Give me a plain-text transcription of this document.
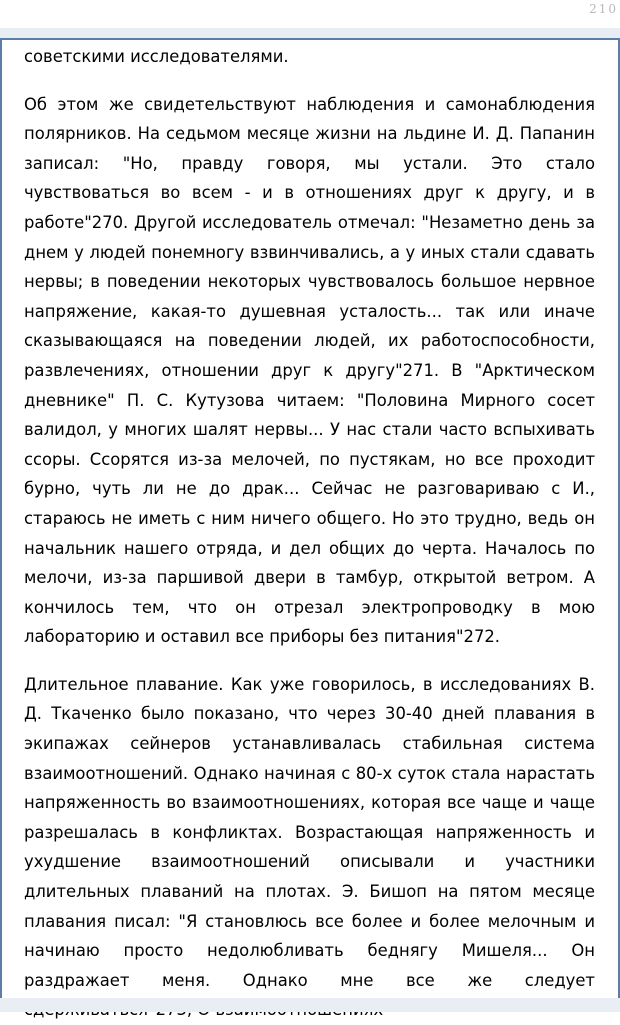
210

советскими исследователями.

Об этом же свидетельствуют наблюдения и самонаблюдения полярников. На седьмом месяце жизни на льдине И. Д. Папанин записал: "Но, правду говоря, мы устали. Это стало чувствоваться во всем - и в отношениях друг к другу, и в работе"270. Другой исследователь отмечал: "Незаметно день за днем у людей понемногу взвинчивались, а у иных стали сдавать нервы; в поведении некоторых чувствовалось большое нервное напряжение, какая-то душевная усталость... так или иначе сказывающаяся на поведении людей, их работоспособности, развлечениях, отношении друг к другу"271. В "Арктическом дневнике" П. С. Кутузова читаем: "Половина Мирного сосет валидол, у многих шалят нервы... У нас стали часто вспыхивать ссоры. Ссорятся из-за мелочей, по пустякам, но все проходит бурно, чуть ли не до драк... Сейчас не разговариваю с И., стараюсь не иметь с ним ничего общего. Но это трудно, ведь он начальник нашего отряда, и дел общих до черта. Началось по мелочи, из-за паршивой двери в тамбур, открытой ветром. А кончилось тем, что он отрезал электропроводку в мою лабораторию и оставил все приборы без питания"272.

Длительное плавание. Как уже говорилось, в исследованиях В. Д. Ткаченко было показано, что через 30-40 дней плавания в экипажах сейнеров устанавливалась стабильная система взаимоотношений. Однако начиная с 80-х суток стала нарастать напряженность во взаимоотношениях, которая все чаще и чаще разрешалась в конфликтах. Возрастающая напряженность и ухудшение взаимоотношений описывали и участники длительных плаваний на плотах. Э. Бишоп на пятом месяце плавания писал: "Я становлюсь все более и более мелочным и начинаю просто недолюбливать беднягу Мишеля... Он раздражает меня. Однако мне все же следует
